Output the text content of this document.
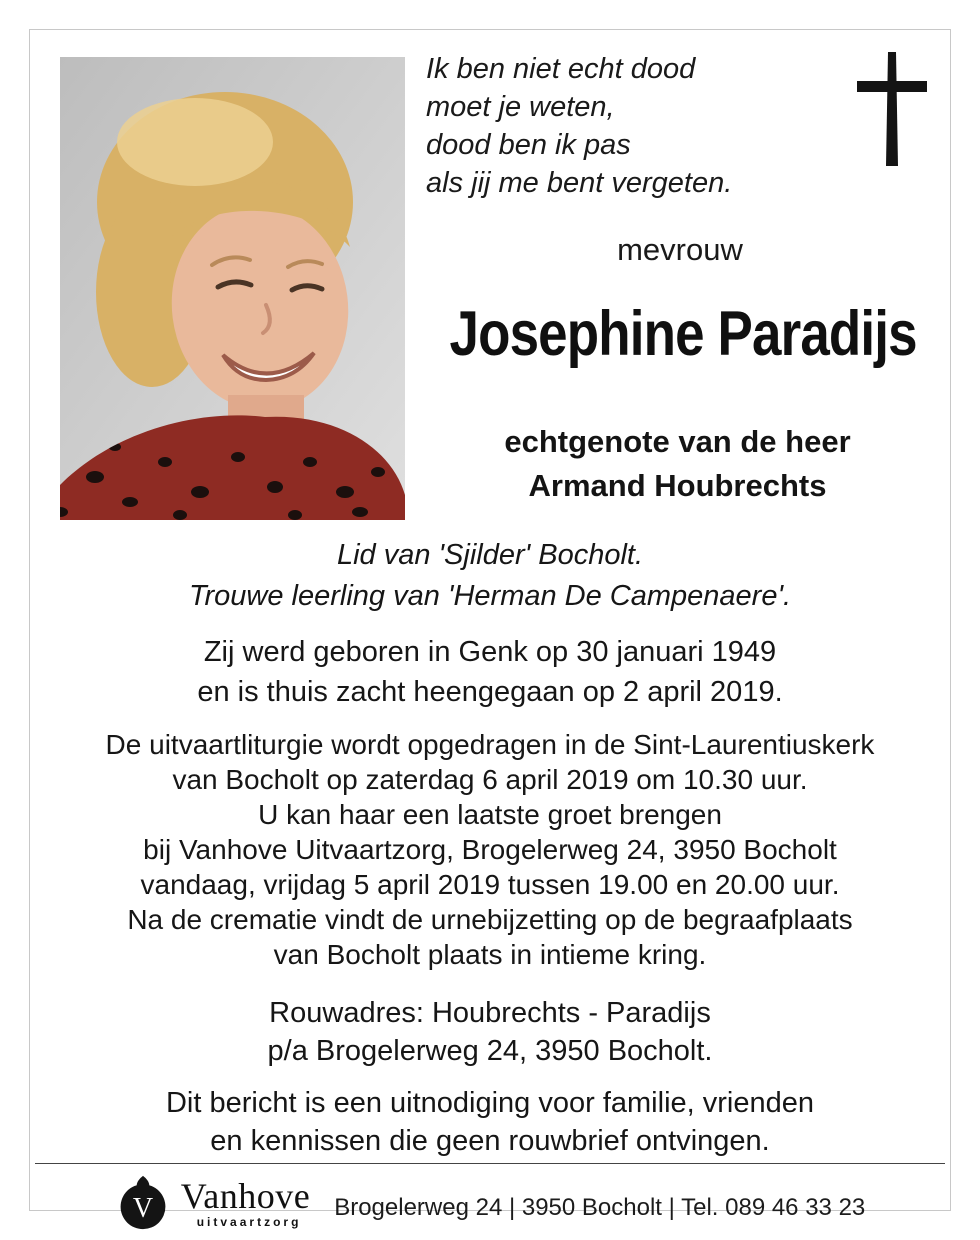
Ik ben niet echt dood
moet je weten,
dood ben ik pas
als jij me bent vergeten.
mevrouw
Josephine Paradijs
echtgenote van de heer
Armand Houbrechts
Lid van 'Sjilder' Bocholt.
Trouwe leerling van 'Herman De Campenaere'.
Zij werd geboren in Genk op 30 januari 1949
en is thuis zacht heengegaan op 2 april 2019.
De uitvaartliturgie wordt opgedragen in de Sint-Laurentiuskerk
van Bocholt op zaterdag 6 april 2019 om 10.30 uur.
U kan haar een laatste groet brengen
bij Vanhove Uitvaartzorg, Brogelerweg 24, 3950 Bocholt
vandaag, vrijdag 5 april 2019 tussen 19.00 en 20.00 uur.
Na de crematie vindt de urnebijzetting op de begraafplaats
van Bocholt plaats in intieme kring.
Rouwadres: Houbrechts - Paradijs
p/a Brogelerweg 24, 3950 Bocholt.
Dit bericht is een uitnodiging voor familie, vrienden
en kennissen die geen rouwbrief ontvingen.
V Vanhove
uitvaartzorg
Brogelerweg 24 | 3950 Bocholt | Tel. 089 46 33 23
